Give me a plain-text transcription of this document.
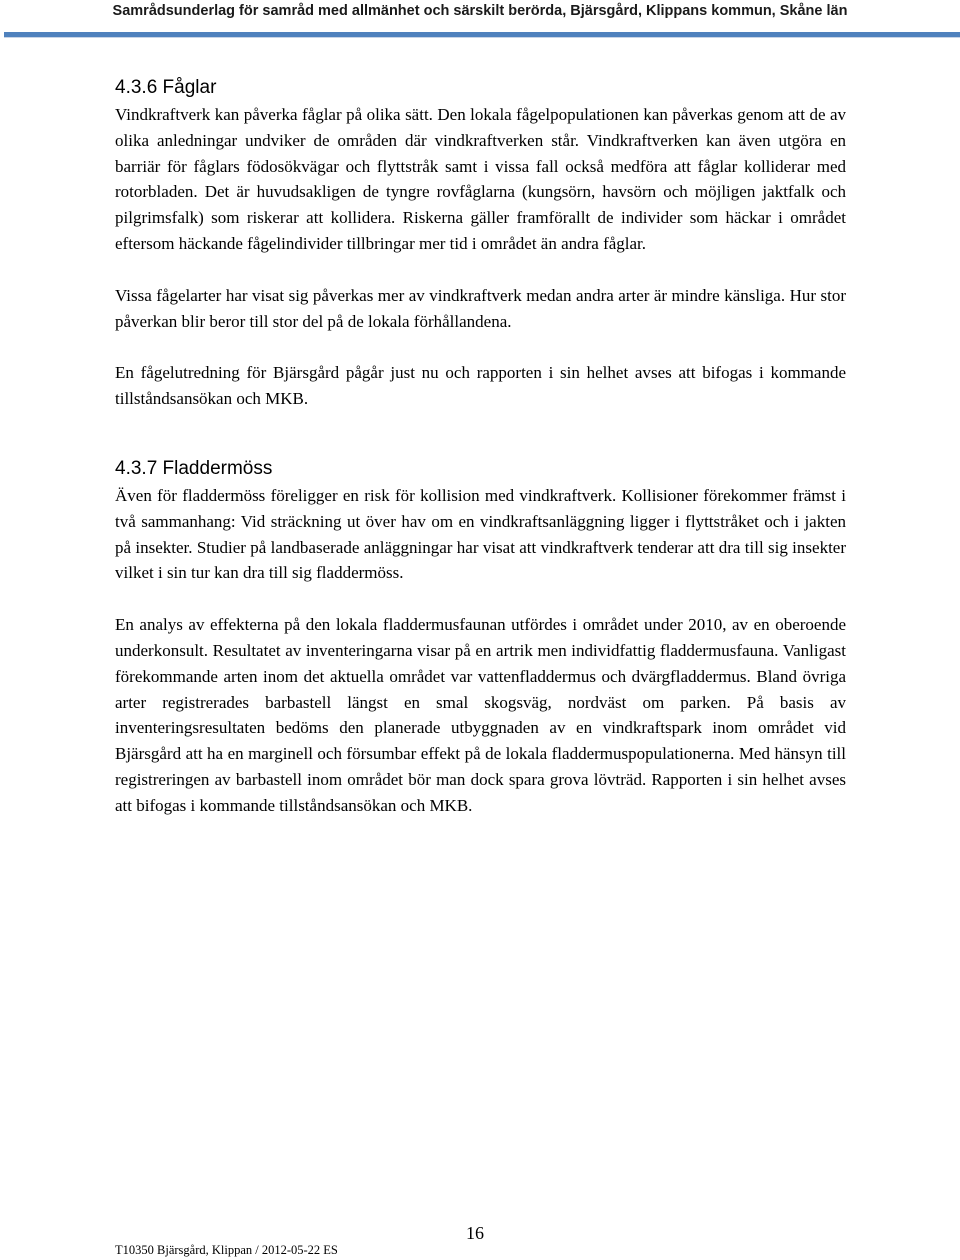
Samrådsunderlag för samråd med allmänhet och särskilt berörda, Bjärsgård, Klippans kommun, Skåne län
4.3.6 Fåglar

Vindkraftverk kan påverka fåglar på olika sätt. Den lokala fågelpopulationen kan påverkas genom att de av olika anledningar undviker de områden där vindkraftverken står. Vindkraftverken kan även utgöra en barriär för fåglars födosökvägar och flyttstråk samt i vissa fall också medföra att fåglar kolliderar med rotorbladen. Det är huvudsakligen de tyngre rovfåglarna (kungsörn, havsörn och möjligen jaktfalk och pilgrimsfalk) som riskerar att kollidera. Riskerna gäller framförallt de individer som häckar i området eftersom häckande fågelindivider tillbringar mer tid i området än andra fåglar.

Vissa fågelarter har visat sig påverkas mer av vindkraftverk medan andra arter är mindre känsliga. Hur stor påverkan blir beror till stor del på de lokala förhållandena.

En fågelutredning för Bjärsgård pågår just nu och rapporten i sin helhet avses att bifogas i kommande tillståndsansökan och MKB.

4.3.7 Fladdermöss

Även för fladdermöss föreligger en risk för kollision med vindkraftverk. Kollisioner förekommer främst i två sammanhang: Vid sträckning ut över hav om en vindkraftsanläggning ligger i flyttstråket och i jakten på insekter. Studier på landbaserade anläggningar har visat att vindkraftverk tenderar att dra till sig insekter vilket i sin tur kan dra till sig fladdermöss.

En analys av effekterna på den lokala fladdermusfaunan utfördes i området under 2010, av en oberoende underkonsult. Resultatet av inventeringarna visar på en artrik men individfattig fladdermusfauna. Vanligast förekommande arten inom det aktuella området var vattenfladdermus och dvärgfladdermus. Bland övriga arter registrerades barbastell längst en smal skogsväg, nordväst om parken. På basis av inventeringsresultaten bedöms den planerade utbyggnaden av en vindkraftspark inom området vid Bjärsgård att ha en marginell och försumbar effekt på de lokala fladdermuspopulationerna. Med hänsyn till registreringen av barbastell inom området bör man dock spara grova lövträd. Rapporten i sin helhet avses att bifogas i kommande tillståndsansökan och MKB.

16
T10350 Bjärsgård, Klippan / 2012-05-22 ES
